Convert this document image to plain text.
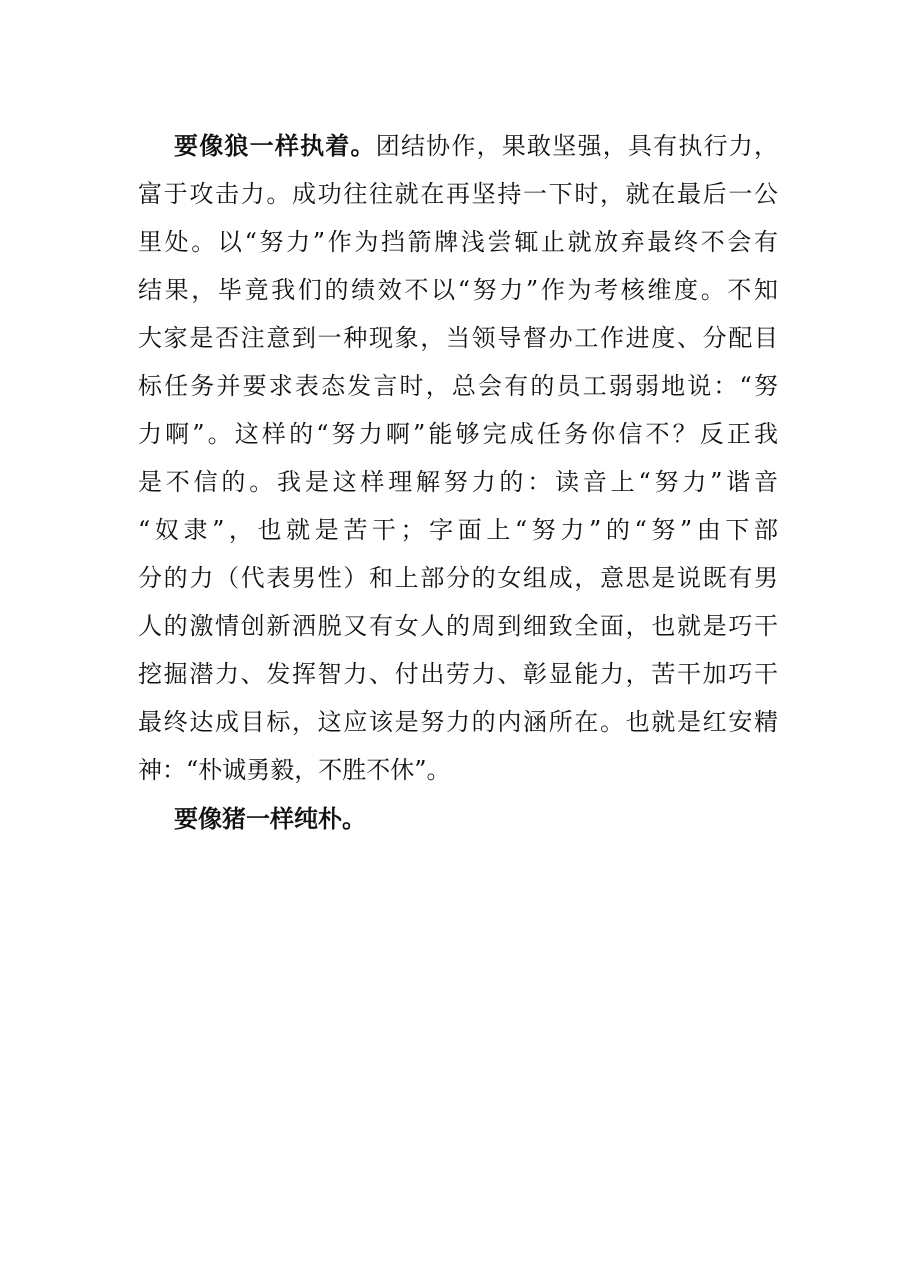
要像狼一样执着。团结协作，果敢坚强，具有执行力，
富于攻击力。成功往往就在再坚持一下时，就在最后一公
里处。以“努力”作为挡箭牌浅尝辄止就放弃最终不会有
结果，毕竟我们的绩效不以“努力”作为考核维度。不知
大家是否注意到一种现象，当领导督办工作进度、分配目
标任务并要求表态发言时，总会有的员工弱弱地说：“努
力啊”。这样的“努力啊”能够完成任务你信不？反正我
是不信的。我是这样理解努力的：读音上“努力”谐音
“奴隶”，也就是苦干；字面上“努力”的“努”由下部
分的力（代表男性）和上部分的女组成，意思是说既有男
人的激情创新洒脱又有女人的周到细致全面，也就是巧干
挖掘潜力、发挥智力、付出劳力、彰显能力，苦干加巧干
最终达成目标，这应该是努力的内涵所在。也就是红安精
神：“朴诚勇毅，不胜不休”。
要像猪一样纯朴。
